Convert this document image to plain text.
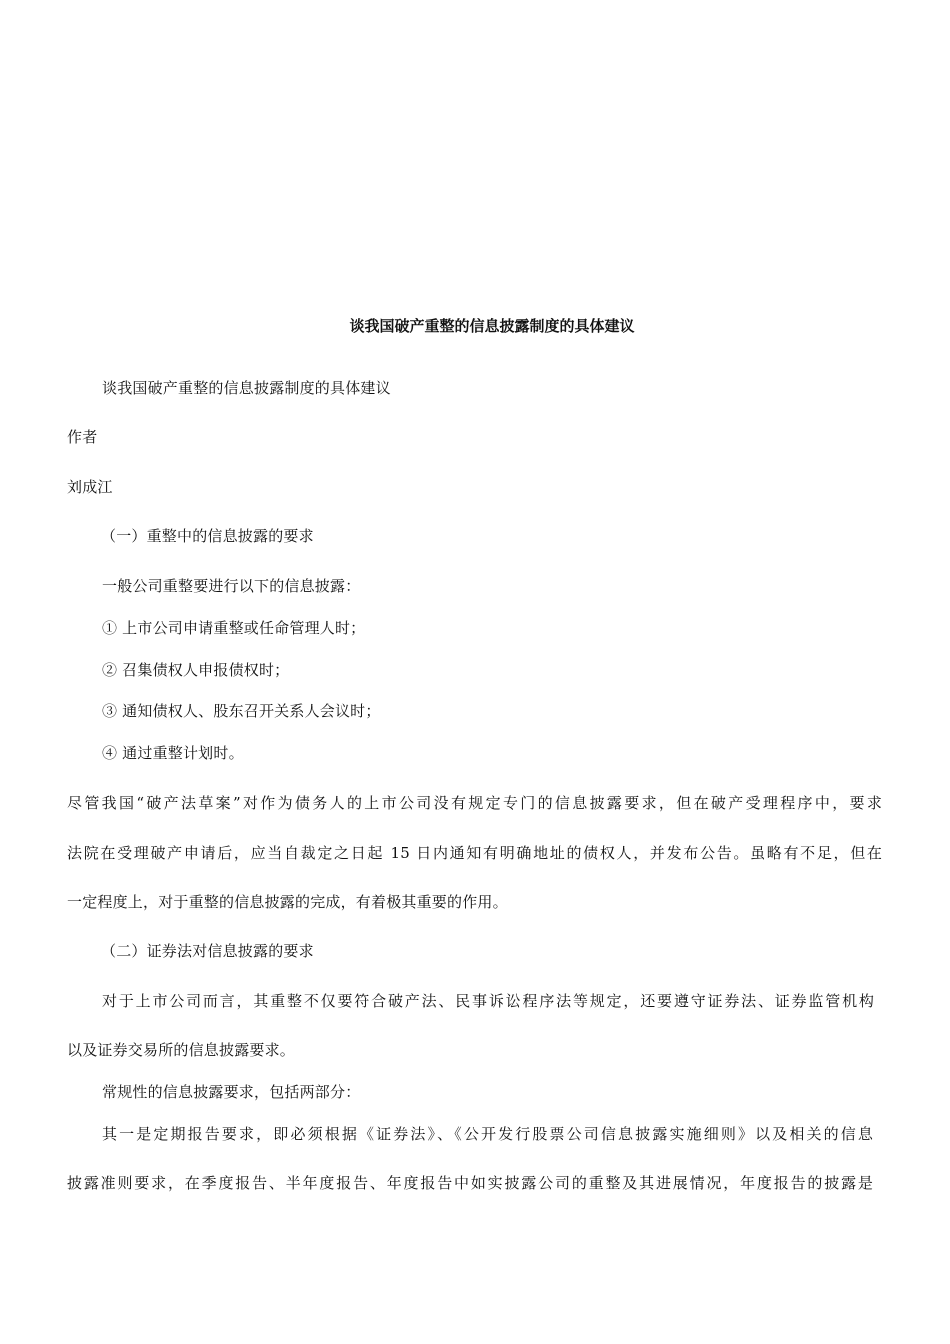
谈我国破产重整的信息披露制度的具体建议
谈我国破产重整的信息披露制度的具体建议
作者
刘成江
（一）重整中的信息披露的要求
一般公司重整要进行以下的信息披露：
① 上市公司申请重整或任命管理人时；
② 召集债权人申报债权时；
③ 通知债权人、股东召开关系人会议时；
④ 通过重整计划时。
尽管我国“破产法草案”对作为债务人的上市公司没有规定专门的信息披露要求，但在破产受理程序中，要求
法院在受理破产申请后，应当自裁定之日起 15 日内通知有明确地址的债权人，并发布公告。虽略有不足，但在
一定程度上，对于重整的信息披露的完成，有着极其重要的作用。
（二）证券法对信息披露的要求
对于上市公司而言，其重整不仅要符合破产法、民事诉讼程序法等规定，还要遵守证券法、证券监管机构
以及证券交易所的信息披露要求。
常规性的信息披露要求，包括两部分：
其一是定期报告要求，即必须根据《证券法》、《公开发行股票公司信息披露实施细则》以及相关的信息
披露准则要求，在季度报告、半年度报告、年度报告中如实披露公司的重整及其进展情况，年度报告的披露是
